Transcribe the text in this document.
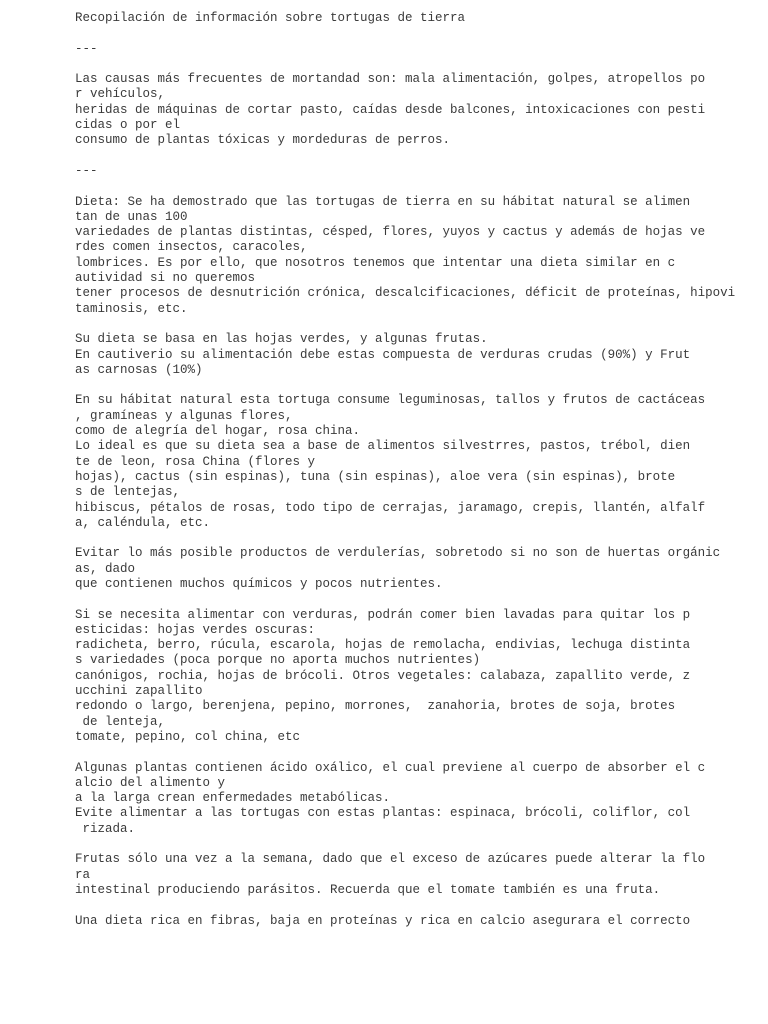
Recopilación de información sobre tortugas de tierra

---

Las causas más frecuentes de mortandad son: mala alimentación, golpes, atropellos po
r vehículos,
heridas de máquinas de cortar pasto, caídas desde balcones, intoxicaciones con pesti
cidas o por el
consumo de plantas tóxicas y mordeduras de perros.

---

Dieta: Se ha demostrado que las tortugas de tierra en su hábitat natural se alimen
tan de unas 100
variedades de plantas distintas, césped, flores, yuyos y cactus y además de hojas ve
rdes comen insectos, caracoles,
lombrices. Es por ello, que nosotros tenemos que intentar una dieta similar en c
autividad si no queremos
tener procesos de desnutrición crónica, descalcificaciones, déficit de proteínas, hipovi
taminosis, etc.

Su dieta se basa en las hojas verdes, y algunas frutas.
En cautiverio su alimentación debe estas compuesta de verduras crudas (90%) y Frut
as carnosas (10%)

En su hábitat natural esta tortuga consume leguminosas, tallos y frutos de cactáceas
, gramíneas y algunas flores,
como de alegría del hogar, rosa china.
Lo ideal es que su dieta sea a base de alimentos silvestrres, pastos, trébol, dien
te de leon, rosa China (flores y
hojas), cactus (sin espinas), tuna (sin espinas), aloe vera (sin espinas), brote
s de lentejas,
hibiscus, pétalos de rosas, todo tipo de cerrajas, jaramago, crepis, llantén, alfalf
a, caléndula, etc.

Evitar lo más posible productos de verdulerías, sobretodo si no son de huertas orgánic
as, dado
que contienen muchos químicos y pocos nutrientes.

Si se necesita alimentar con verduras, podrán comer bien lavadas para quitar los p
esticidas: hojas verdes oscuras:
radicheta, berro, rúcula, escarola, hojas de remolacha, endivias, lechuga distinta
s variedades (poca porque no aporta muchos nutrientes)
canónigos, rochia, hojas de brócoli. Otros vegetales: calabaza, zapallito verde, z
ucchini zapallito
redondo o largo, berenjena, pepino, morrones,  zanahoria, brotes de soja, brotes
de lenteja,
tomate, pepino, col china, etc

Algunas plantas contienen ácido oxálico, el cual previene al cuerpo de absorber el c
alcio del alimento y
a la larga crean enfermedades metabólicas.
Evite alimentar a las tortugas con estas plantas: espinaca, brócoli, coliflor, col
rizada.

Frutas sólo una vez a la semana, dado que el exceso de azúcares puede alterar la flo
ra
intestinal produciendo parásitos. Recuerda que el tomate también es una fruta.

Una dieta rica en fibras, baja en proteínas y rica en calcio asegurara el correcto
